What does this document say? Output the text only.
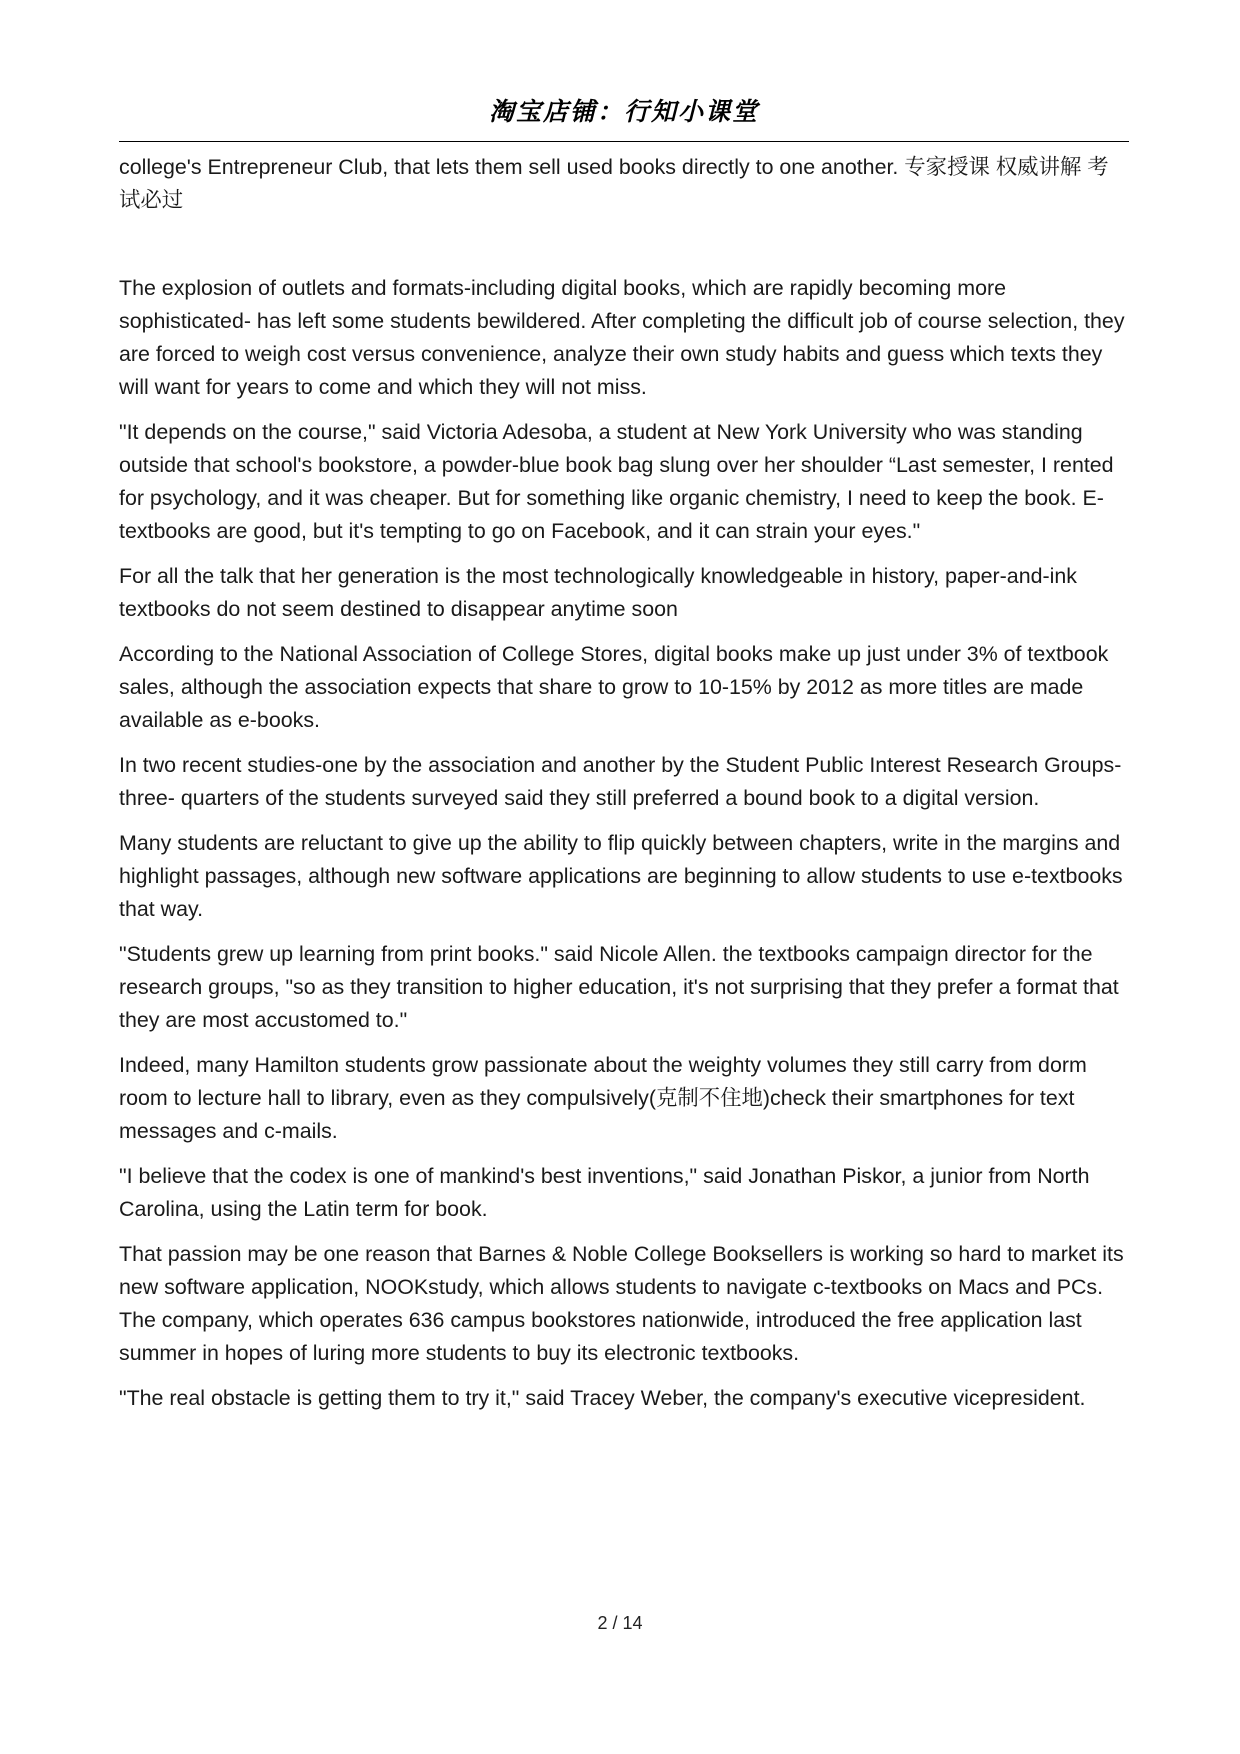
淘宝店铺：行知小课堂

college's Entrepreneur Club, that lets them sell used books directly to one another. 专家授课 权威讲解 考试必过

The explosion of outlets and formats-including digital books, which are rapidly becoming more sophisticated- has left some students bewildered. After completing the difficult job of course selection, they are forced to weigh cost versus convenience, analyze their own study habits and guess which texts they will want for years to come and which they will not miss.

"It depends on the course," said Victoria Adesoba, a student at New York University who was standing outside that school's bookstore, a powder-blue book bag slung over her shoulder “Last semester, I rented for psychology, and it was cheaper. But for something like organic chemistry, I need to keep the book. E-textbooks are good, but it's tempting to go on Facebook, and it can strain your eyes."

For all the talk that her generation is the most technologically knowledgeable in history, paper-and-ink textbooks do not seem destined to disappear anytime soon

According to the National Association of College Stores, digital books make up just under 3% of textbook sales, although the association expects that share to grow to 10-15% by 2012 as more titles are made available as e-books.

In two recent studies-one by the association and another by the Student Public Interest Research Groups-three- quarters of the students surveyed said they still preferred a bound book to a digital version.

Many students are reluctant to give up the ability to flip quickly between chapters, write in the margins and highlight passages, although new software applications are beginning to allow students to use e-textbooks that way.

"Students grew up learning from print books." said Nicole Allen. the textbooks campaign director for the research groups, "so as they transition to higher education, it's not surprising that they prefer a format that they are most accustomed to."

Indeed, many Hamilton students grow passionate about the weighty volumes they still carry from dorm room to lecture hall to library, even as they compulsively(克制不住地)check their smartphones for text messages and c-mails.

"I believe that the codex is one of mankind's best inventions," said Jonathan Piskor, a junior from North Carolina, using the Latin term for book.

That passion may be one reason that Barnes & Noble College Booksellers is working so hard to market its new software application, NOOKstudy, which allows students to navigate c-textbooks on Macs and PCs. The company, which operates 636 campus bookstores nationwide, introduced the free application last summer in hopes of luring more students to buy its electronic textbooks.

"The real obstacle is getting them to try it," said Tracey Weber, the company's executive vicepresident.

2 / 14
